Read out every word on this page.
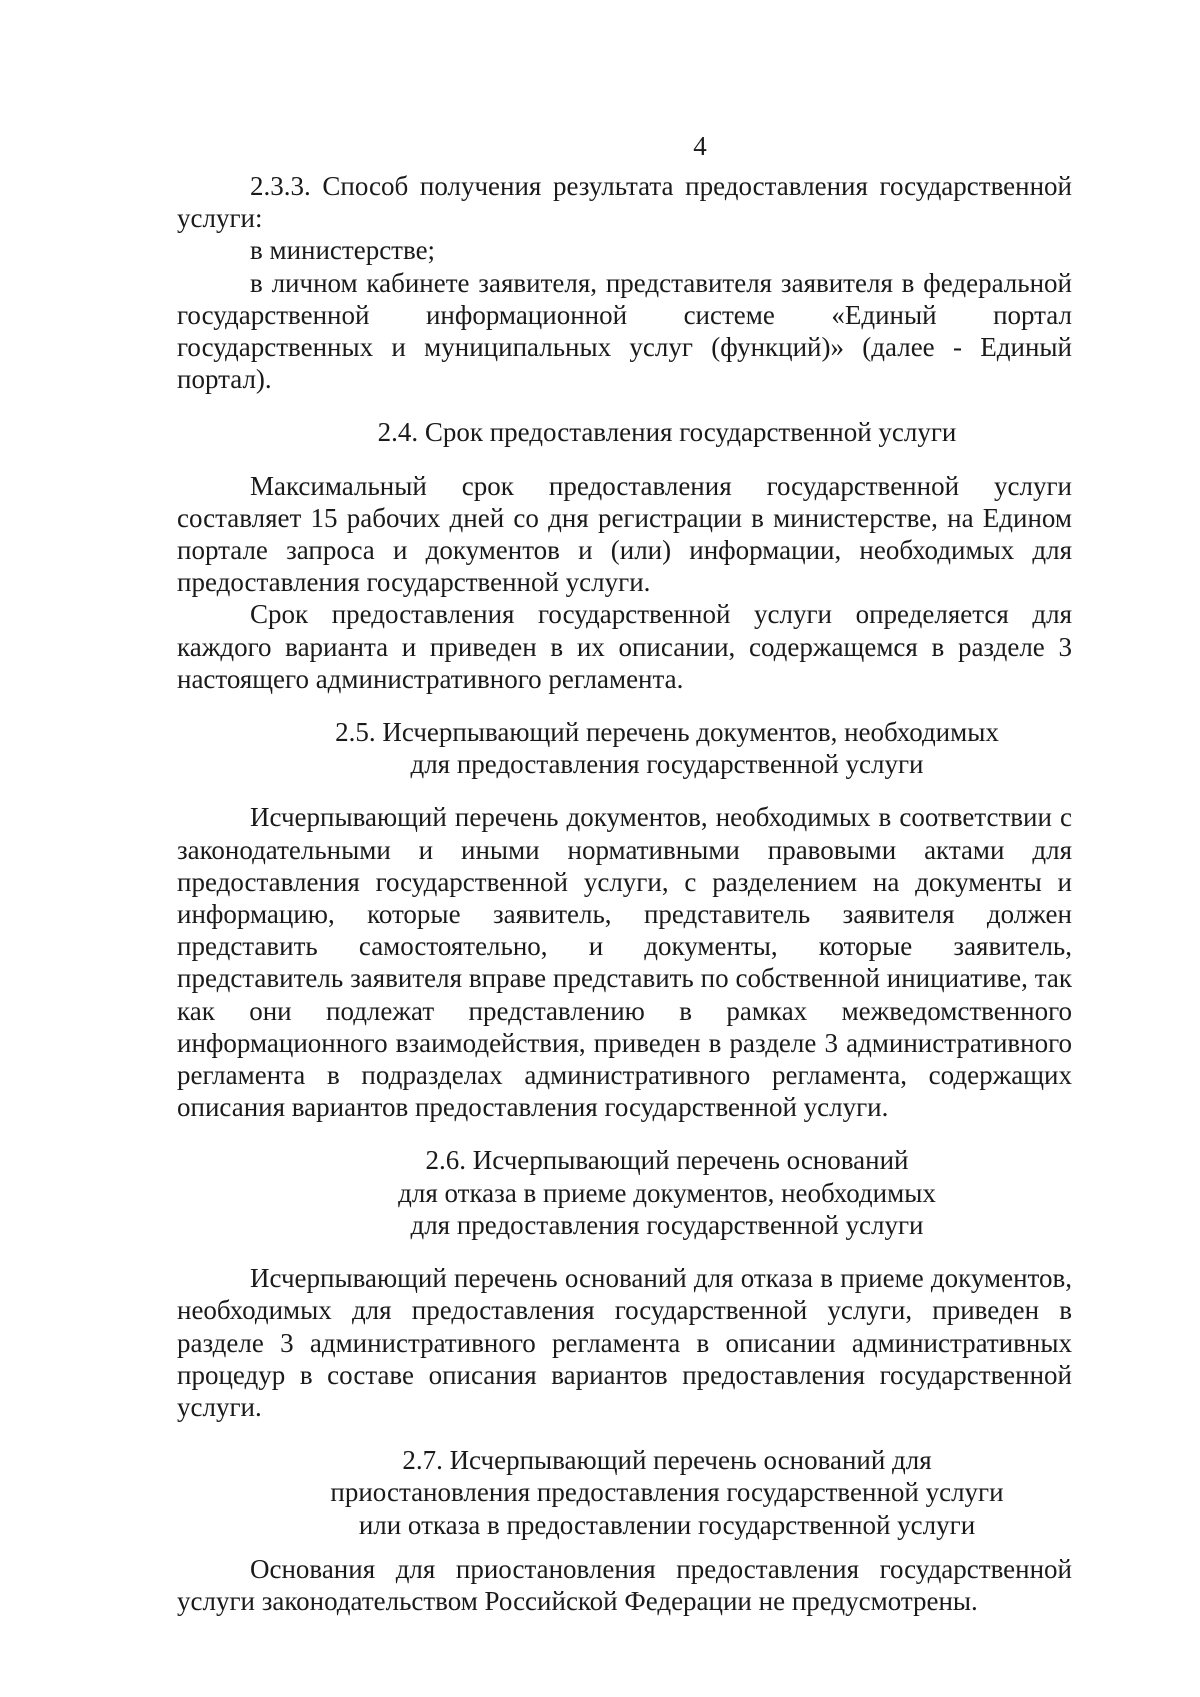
4

2.3.3. Способ получения результата предоставления государственной услуги:

в министерстве;

в личном кабинете заявителя, представителя заявителя в федеральной государственной информационной системе «Единый портал государственных и муниципальных услуг (функций)» (далее - Единый портал).

2.4. Срок предоставления государственной услуги

Максимальный срок предоставления государственной услуги составляет 15 рабочих дней со дня регистрации в министерстве, на Едином портале запроса и документов и (или) информации, необходимых для предоставления государственной услуги.

Срок предоставления государственной услуги определяется для каждого варианта и приведен в их описании, содержащемся в разделе 3 настоящего административного регламента.

2.5. Исчерпывающий перечень документов, необходимых
для предоставления государственной услуги

Исчерпывающий перечень документов, необходимых в соответствии с законодательными и иными нормативными правовыми актами для предоставления государственной услуги, с разделением на документы и информацию, которые заявитель, представитель заявителя должен представить самостоятельно, и документы, которые заявитель, представитель заявителя вправе представить по собственной инициативе, так как они подлежат представлению в рамках межведомственного информационного взаимодействия, приведен в разделе 3 административного регламента в подразделах административного регламента, содержащих описания вариантов предоставления государственной услуги.

2.6. Исчерпывающий перечень оснований
для отказа в приеме документов, необходимых
для предоставления государственной услуги

Исчерпывающий перечень оснований для отказа в приеме документов, необходимых для предоставления государственной услуги, приведен в разделе 3 административного регламента в описании административных процедур в составе описания вариантов предоставления государственной услуги.

2.7. Исчерпывающий перечень оснований для
приостановления предоставления государственной услуги
или отказа в предоставлении государственной услуги

Основания для приостановления предоставления государственной услуги законодательством Российской Федерации не предусмотрены.
